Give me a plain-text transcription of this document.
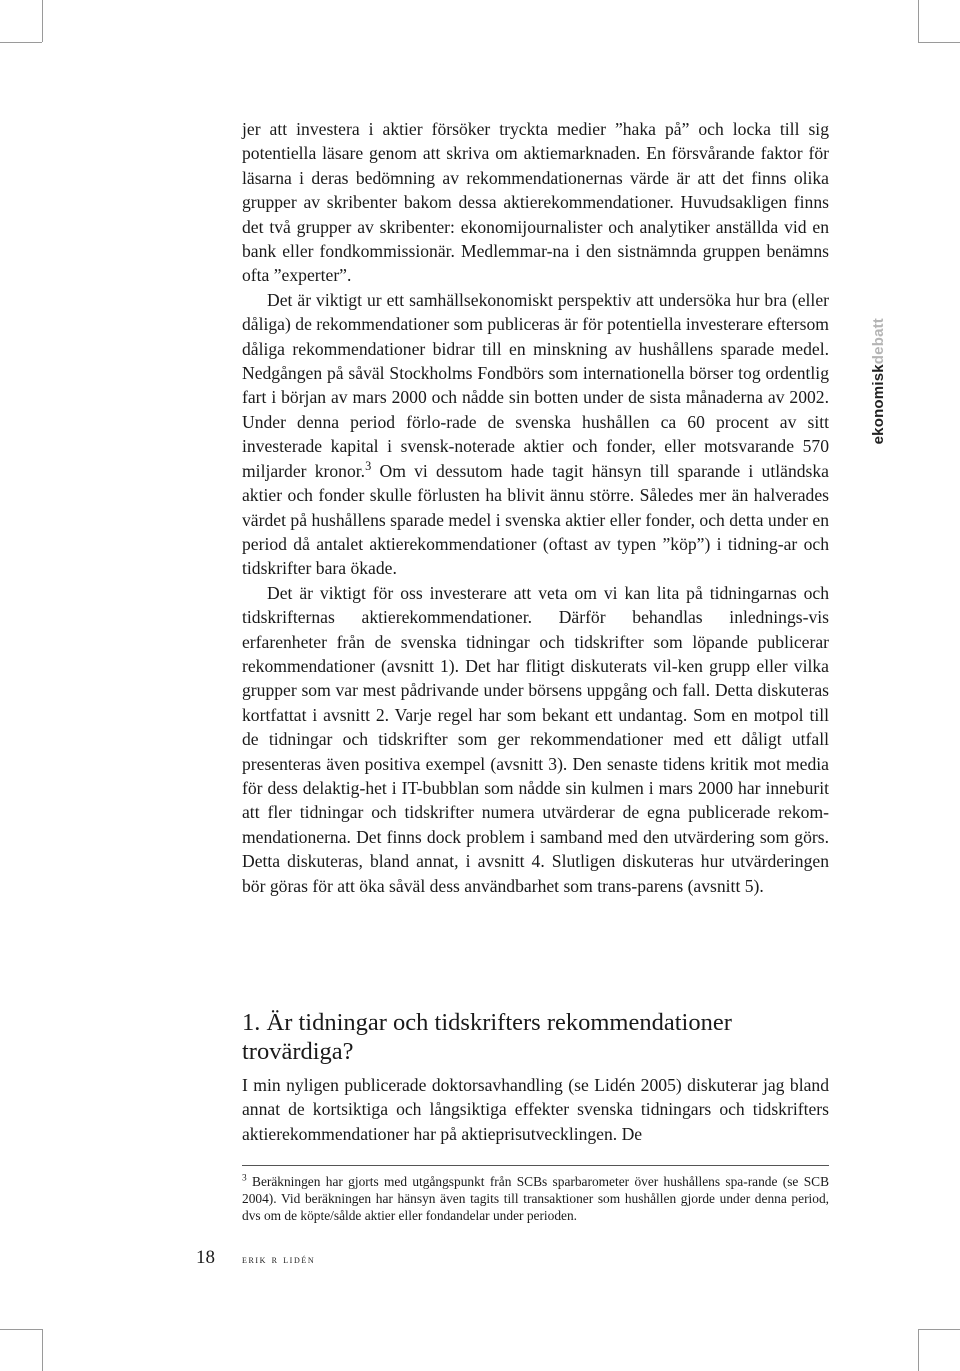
ekonomiskdebatt

jer att investera i aktier försöker tryckta medier ”haka på” och locka till sig potentiella läsare genom att skriva om aktiemarknaden. En försvårande faktor för läsarna i deras bedömning av rekommendationernas värde är att det finns olika grupper av skribenter bakom dessa aktierekommendationer. Huvudsakligen finns det två grupper av skribenter: ekonomijournalister och analytiker anställda vid en bank eller fondkommissionär. Medlemmar-na i den sistnämnda gruppen benämns ofta ”experter”.

Det är viktigt ur ett samhällsekonomiskt perspektiv att undersöka hur bra (eller dåliga) de rekommendationer som publiceras är för potentiella investerare eftersom dåliga rekommendationer bidrar till en minskning av hushållens sparade medel. Nedgången på såväl Stockholms Fondbörs som internationella börser tog ordentlig fart i början av mars 2000 och nådde sin botten under de sista månaderna av 2002. Under denna period förlo-rade de svenska hushållen ca 60 procent av sitt investerade kapital i svensk-noterade aktier och fonder, eller motsvarande 570 miljarder kronor.$^3$ Om vi dessutom hade tagit hänsyn till sparande i utländska aktier och fonder skulle förlusten ha blivit ännu större. Således mer än halverades värdet på hushållens sparade medel i svenska aktier eller fonder, och detta under en period då antalet aktierekommendationer (oftast av typen ”köp”) i tidning-ar och tidskrifter bara ökade.

Det är viktigt för oss investerare att veta om vi kan lita på tidningarnas och tidskrifternas aktierekommendationer. Därför behandlas inlednings-vis erfarenheter från de svenska tidningar och tidskrifter som löpande publicerar rekommendationer (avsnitt 1). Det har flitigt diskuterats vil-ken grupp eller vilka grupper som var mest pådrivande under börsens uppgång och fall. Detta diskuteras kortfattat i avsnitt 2. Varje regel har som bekant ett undantag. Som en motpol till de tidningar och tidskrifter som ger rekommendationer med ett dåligt utfall presenteras även positiva exempel (avsnitt 3). Den senaste tidens kritik mot media för dess delaktig-het i IT-bubblan som nådde sin kulmen i mars 2000 har inneburit att fler tidningar och tidskrifter numera utvärderar de egna publicerade rekom-mendationerna. Det finns dock problem i samband med den utvärdering som görs. Detta diskuteras, bland annat, i avsnitt 4. Slutligen diskuteras hur utvärderingen bör göras för att öka såväl dess användbarhet som trans-parens (avsnitt 5).

1. Är tidningar och tidskrifters rekommendationer trovärdiga?

I min nyligen publicerade doktorsavhandling (se Lidén 2005) diskuterar jag bland annat de kortsiktiga och långsiktiga effekter svenska tidningars och tidskrifters aktierekommendationer har på aktieprisutvecklingen. De

$^3$ Beräkningen har gjorts med utgångspunkt från SCBs sparbarometer över hushållens spa-rande (se SCB 2004). Vid beräkningen har hänsyn även tagits till transaktioner som hushållen gjorde under denna period, dvs om de köpte/sålde aktier eller fondandelar under perioden.

18 erik r lidén
